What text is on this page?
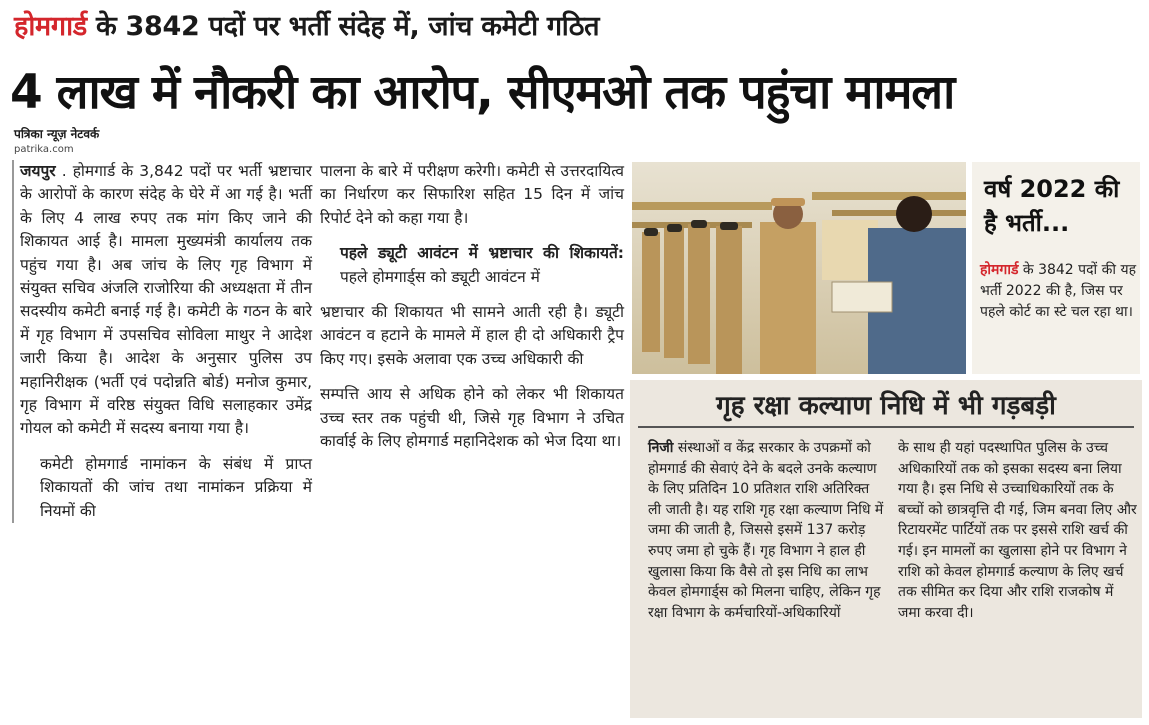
होमगार्ड के 3842 पदों पर भर्ती संदेह में, जांच कमेटी गठित
4 लाख में नौकरी का आरोप, सीएमओ तक पहुंचा मामला
पत्रिका न्यूज़ नेटवर्क
patrika.com

जयपुर . होमगार्ड के 3,842 पदों पर भर्ती भ्रष्टाचार के आरोपों के कारण संदेह के घेरे में आ गई है। भर्ती के लिए 4 लाख रुपए तक मांग किए जाने की शिकायत आई है। मामला मुख्यमंत्री कार्यालय तक पहुंच गया है। अब जांच के लिए गृह विभाग में संयुक्त सचिव अंजलि राजोरिया की अध्यक्षता में तीन सदस्यीय कमेटी बनाई गई है। कमेटी के गठन के बारे में गृह विभाग में उपसचिव सोविला माथुर ने आदेश जारी किया है। आदेश के अनुसार पुलिस उप महानिरीक्षक (भर्ती एवं पदोन्नति बोर्ड) मनोज कुमार, गृह विभाग में वरिष्ठ संयुक्त विधि सलाहकार उमेंद्र गोयल को कमेटी में सदस्य बनाया गया है।

कमेटी होमगार्ड नामांकन के संबंध में प्राप्त शिकायतों की जांच तथा नामांकन प्रक्रिया में नियमों की

पालना के बारे में परीक्षण करेगी। कमेटी से उत्तरदायित्व का निर्धारण कर सिफारिश सहित 15 दिन में जांच रिपोर्ट देने को कहा गया है।

पहले ड्यूटी आवंटन में भ्रष्टाचार की शिकायतें: पहले होमगार्ड्स को ड्यूटी आवंटन में

भ्रष्टाचार की शिकायत भी सामने आती रही है। ड्यूटी आवंटन व हटाने के मामले में हाल ही दो अधिकारी ट्रैप किए गए। इसके अलावा एक उच्च अधिकारी की

सम्पत्ति आय से अधिक होने को लेकर भी शिकायत उच्च स्तर तक पहुंची थी, जिसे गृह विभाग ने उचित कार्वाई के लिए होमगार्ड महानिदेशक को भेज दिया था।

वर्ष 2022 की है भर्ती...
होमगार्ड के 3842 पदों की यह भर्ती 2022 की है, जिस पर पहले कोर्ट का स्टे चल रहा था।
गृह रक्षा कल्याण निधि में भी गड़बड़ी
निजी संस्थाओं व केंद्र सरकार के उपक्रमों को होमगार्ड की सेवाएं देने के बदले उनके कल्याण के लिए प्रतिदिन 10 प्रतिशत राशि अतिरिक्त ली जाती है। यह राशि गृह रक्षा कल्याण निधि में जमा की जाती है, जिससे इसमें 137 करोड़ रुपए जमा हो चुके हैं। गृह विभाग ने हाल ही खुलासा किया कि वैसे तो इस निधि का लाभ केवल होमगार्ड्स को मिलना चाहिए, लेकिन गृह रक्षा विभाग के कर्मचारियों-अधिकारियों
के साथ ही यहां पदस्थापित पुलिस के उच्च अधिकारियों तक को इसका सदस्य बना लिया गया है। इस निधि से उच्चाधिकारियों तक के बच्चों को छात्रवृत्ति दी गई, जिम बनवा लिए और रिटायरमेंट पार्टियों तक पर इससे राशि खर्च की गई। इन मामलों का खुलासा होने पर विभाग ने राशि को केवल होमगार्ड कल्याण के लिए खर्च तक सीमित कर दिया और राशि राजकोष में जमा करवा दी।
